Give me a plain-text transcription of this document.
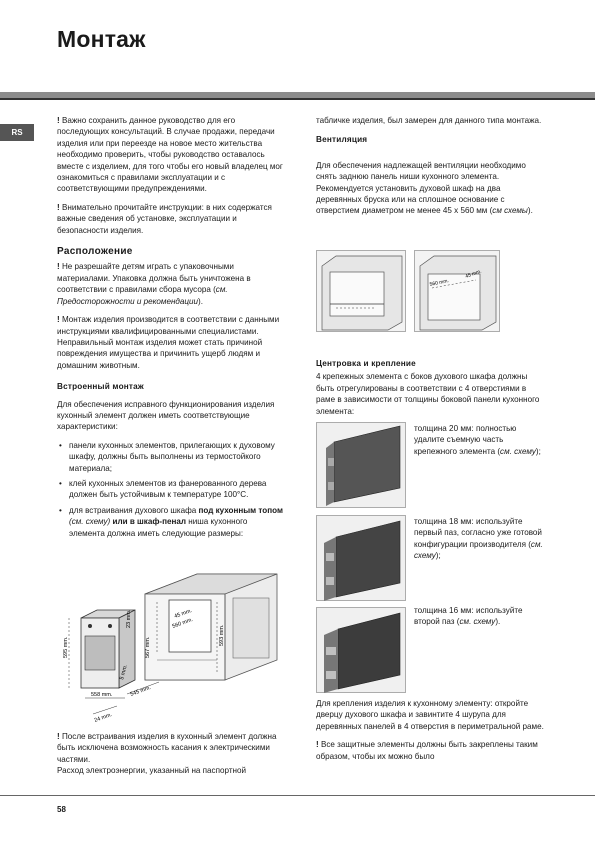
Монтаж
RS

! Важно сохранить данное руководство для его последующих консультаций. В случае продажи, передачи изделия или при переезде на новое место жительства необходимо проверить, чтобы руководство оставалось вместе с изделием, для того чтобы его новый владелец мог ознакомиться с правилами эксплуатации и с соответствующими предупреждениями.

! Внимательно прочитайте инструкции: в них содержатся важные сведения об установке, эксплуатации и безопасности изделия.

Расположение

! Не разрешайте детям играть с упаковочными материалами. Упаковка должна быть уничтожена в соответствии с правилами сбора мусора (см. Предосторожности и рекомендации).

! Монтаж изделия производится в соответствии с данными инструкциями квалифицированными специалистами. Неправильный монтаж изделия может стать причиной повреждения имущества и причинить ущерб людям и домашним животным.

Встроенный монтаж

Для обеспечения исправного функционирования изделия кухонный элемент должен иметь соответствующие характеристики:

• панели кухонных элементов, прилегающих к духовому шкафу, должны быть выполнены из термостойкого материала;
• клей кухонных элементов из фанерованного дерева должен быть устойчивым к температуре 100°C.
• для встраивания духового шкафа под кухонным топом (см. схему) или в шкаф-пенал ниша кухонного элемента должна иметь следующие размеры:
595 mm.
23 mm.
567 mm.
5 mm.
558 mm.	545 mm.
560 mm.
45 mm.
593 mm.
24 mm.

! После встраивания изделия в кухонный элемент должна быть исключена возможность касания к электрическими частями.

Расход электроэнергии, указанный на паспортной

табличке изделия, был замерен для данного типа монтажа.

Вентиляция

Для обеспечения надлежащей вентиляции необходимо снять заднюю панель ниши кухонного элемента. Рекомендуется установить духовой шкаф на два деревянных бруска или на сплошное основание с отверстием диаметром не менее 45 x 560 мм (см схемы).

560 mm.
45 mm.
Центровка и крепление

4 крепежных элемента с боков духового шкафа должны быть отрегулированы в соответствии с 4 отверстиями в раме в зависимости от толщины боковой панели кухонного элемента:

толщина 20 мм: полностью удалите съемную часть крепежного элемента (см. схему);
толщина 18 мм: используйте первый паз, согласно уже готовой конфигурации производителя (см. схему);
толщина 16 мм: используйте второй паз (см. схему).

Для крепления изделия к кухонному элементу: откройте дверцу духового шкафа и завинтите 4 шурупа для деревянных панелей в 4 отверстия в периметральной раме.

! Все защитные элементы должны быть закреплены таким образом, чтобы их можно было

58
